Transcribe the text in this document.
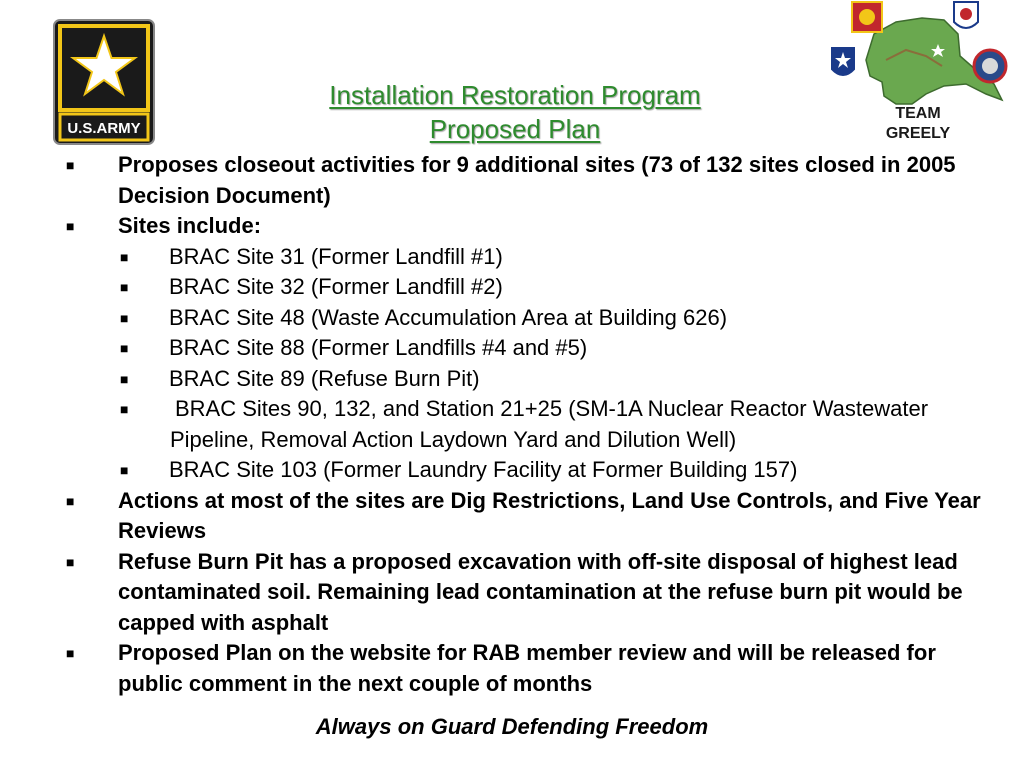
U.S.ARMY
TEAM
GREELY
Installation Restoration Program
Proposed Plan
■ Proposes closeout activities for 9 additional sites (73 of 132 sites closed in 2005 Decision Document)
■ Sites include:
■ BRAC Site 31 (Former Landfill #1)
■ BRAC Site 32 (Former Landfill #2)
■ BRAC Site 48 (Waste Accumulation Area at Building 626)
■ BRAC Site 88 (Former Landfills #4 and #5)
■ BRAC Site 89 (Refuse Burn Pit)
■ BRAC Sites 90, 132, and Station 21+25 (SM-1A Nuclear Reactor Wastewater Pipeline, Removal Action Laydown Yard and Dilution Well)
■ BRAC Site 103 (Former Laundry Facility at Former Building 157)
■ Actions at most of the sites are Dig Restrictions, Land Use Controls, and Five Year Reviews
■ Refuse Burn Pit has a proposed excavation with off-site disposal of highest lead contaminated soil. Remaining lead contamination at the refuse burn pit would be capped with asphalt
■ Proposed Plan on the website for RAB member review and will be released for public comment in the next couple of months
Always on Guard Defending Freedom
